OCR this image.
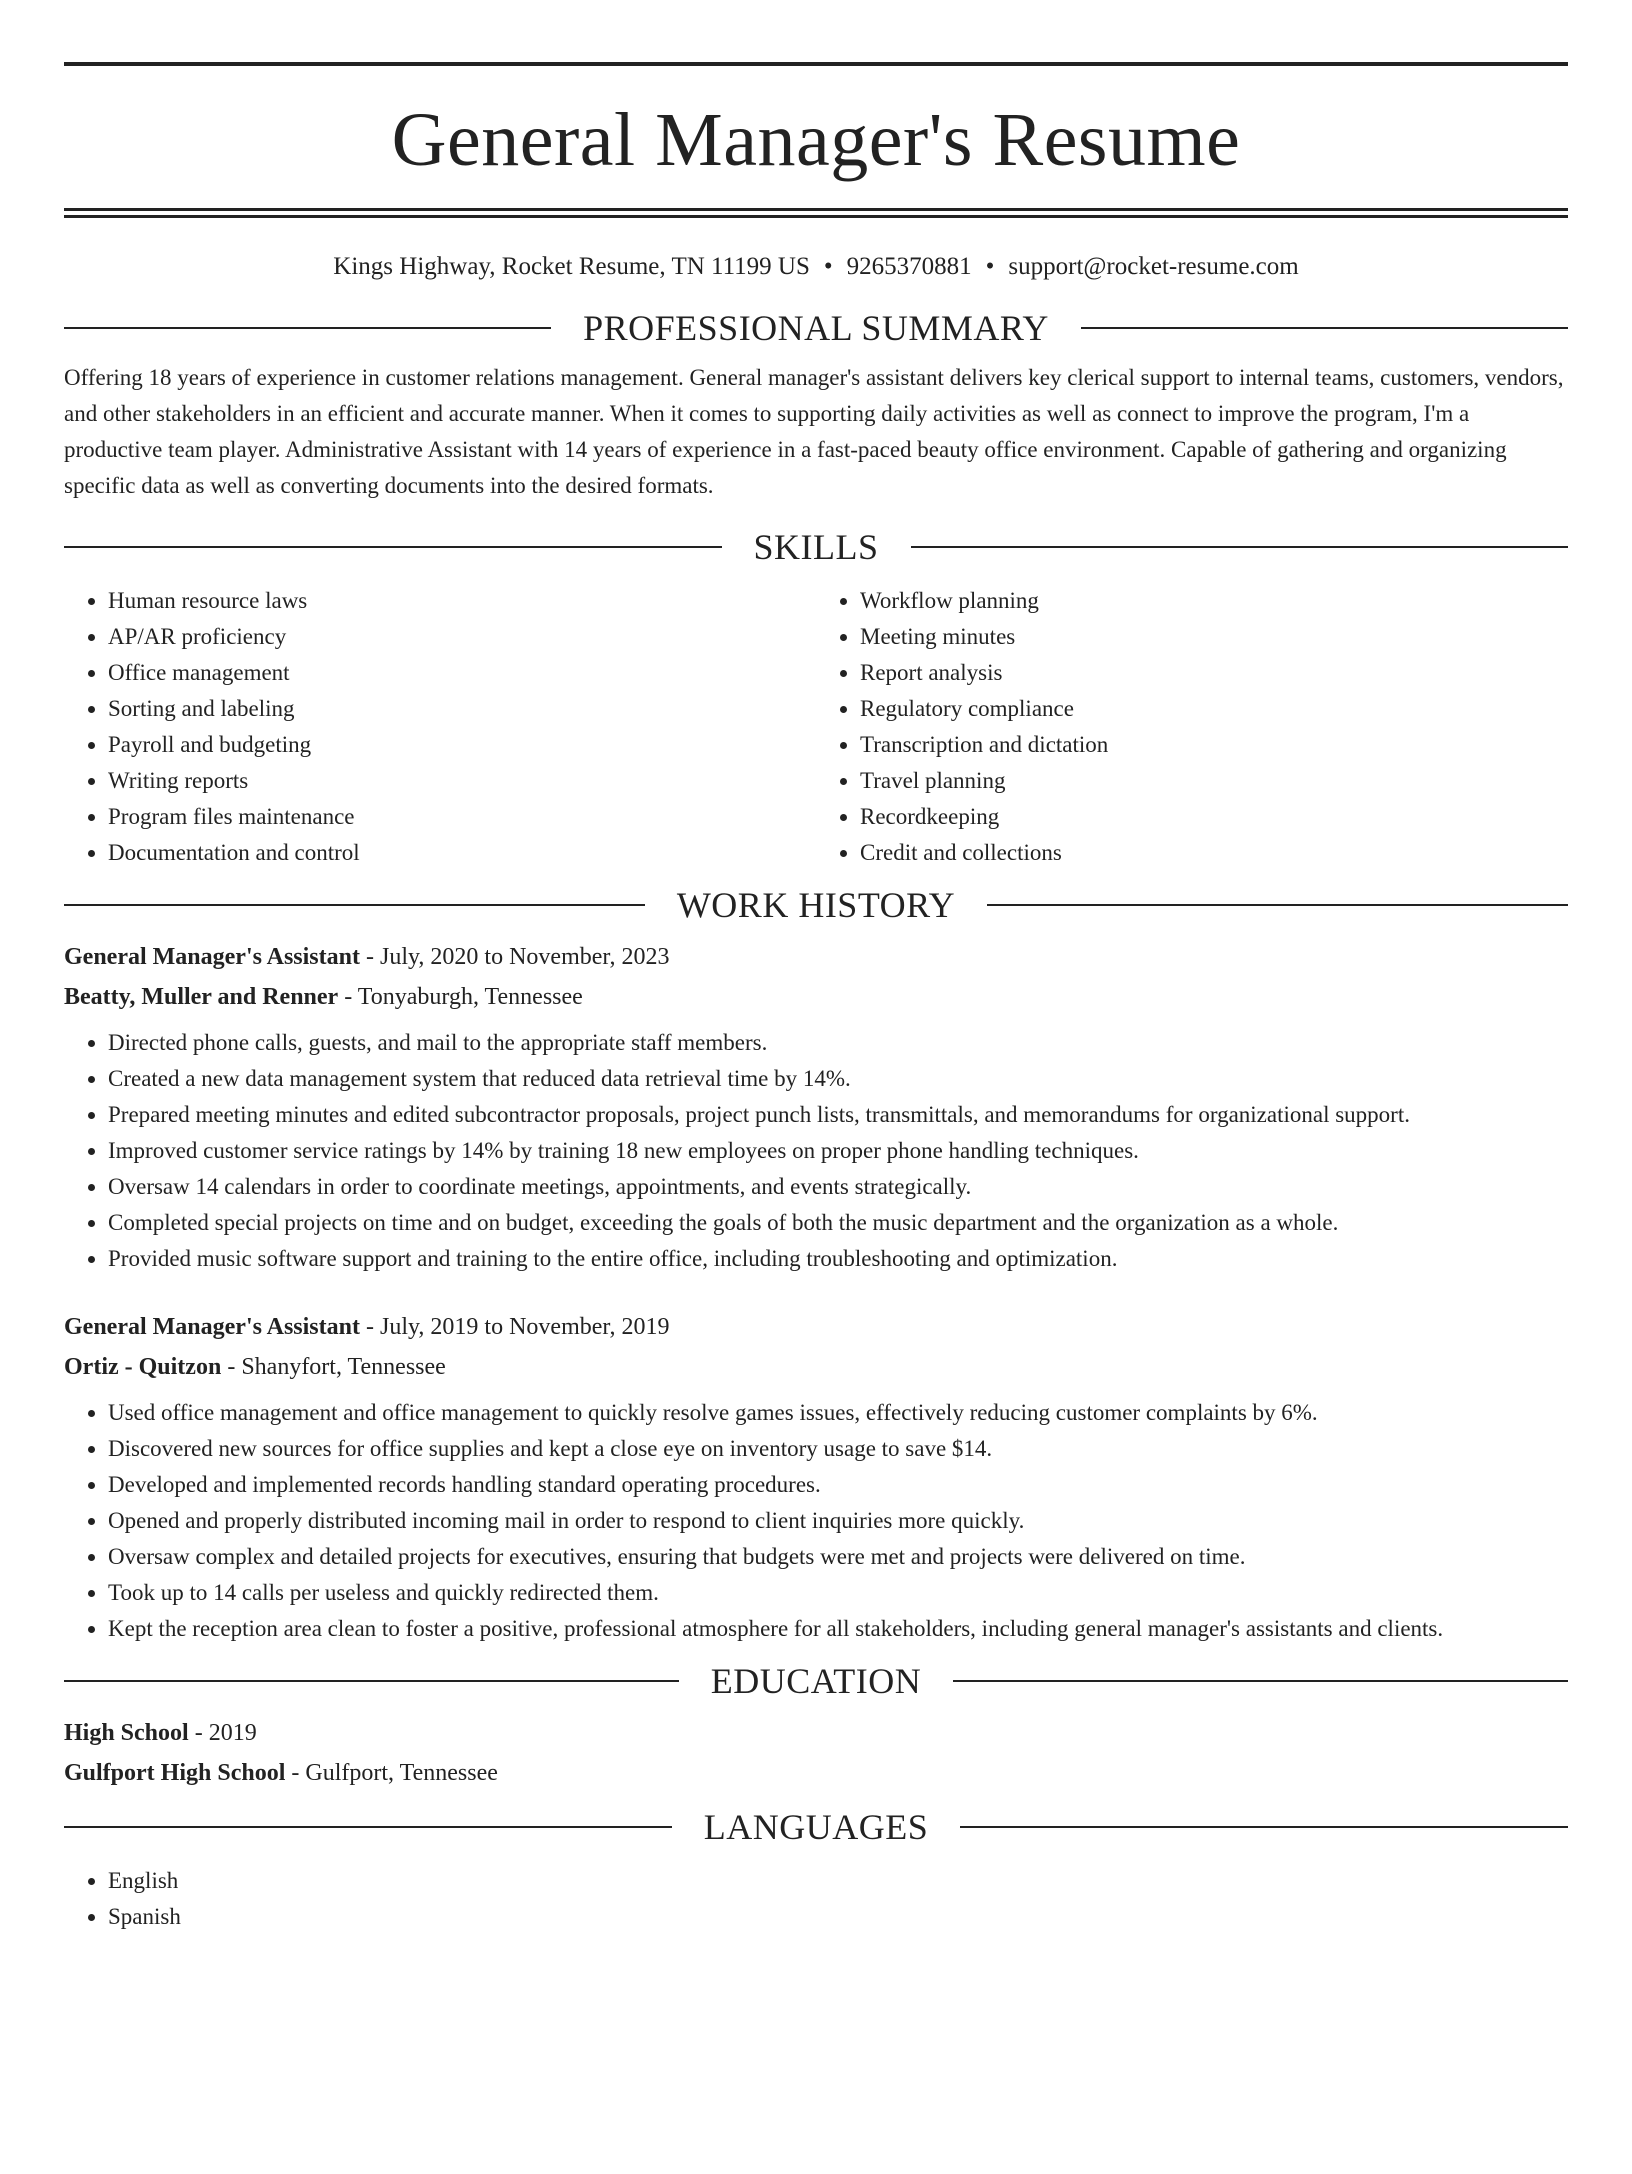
General Manager's Resume
Kings Highway, Rocket Resume, TN 11199 US • 9265370881 • support@rocket-resume.com
PROFESSIONAL SUMMARY

Offering 18 years of experience in customer relations management. General manager's assistant delivers key clerical support to internal teams, customers, vendors, and other stakeholders in an efficient and accurate manner. When it comes to supporting daily activities as well as connect to improve the program, I'm a productive team player. Administrative Assistant with 14 years of experience in a fast-paced beauty office environment. Capable of gathering and organizing specific data as well as converting documents into the desired formats.

SKILLS
• Human resource laws
• AP/AR proficiency
• Office management
• Sorting and labeling
• Payroll and budgeting
• Writing reports
• Program files maintenance
• Documentation and control
• Workflow planning
• Meeting minutes
• Report analysis
• Regulatory compliance
• Transcription and dictation
• Travel planning
• Recordkeeping
• Credit and collections
WORK HISTORY
General Manager's Assistant - July, 2020 to November, 2023
Beatty, Muller and Renner - Tonyaburgh, Tennessee
• Directed phone calls, guests, and mail to the appropriate staff members.
• Created a new data management system that reduced data retrieval time by 14%.
• Prepared meeting minutes and edited subcontractor proposals, project punch lists, transmittals, and memorandums for organizational support.
• Improved customer service ratings by 14% by training 18 new employees on proper phone handling techniques.
• Oversaw 14 calendars in order to coordinate meetings, appointments, and events strategically.
• Completed special projects on time and on budget, exceeding the goals of both the music department and the organization as a whole.
• Provided music software support and training to the entire office, including troubleshooting and optimization.
General Manager's Assistant - July, 2019 to November, 2019
Ortiz - Quitzon - Shanyfort, Tennessee
• Used office management and office management to quickly resolve games issues, effectively reducing customer complaints by 6%.
• Discovered new sources for office supplies and kept a close eye on inventory usage to save $14.
• Developed and implemented records handling standard operating procedures.
• Opened and properly distributed incoming mail in order to respond to client inquiries more quickly.
• Oversaw complex and detailed projects for executives, ensuring that budgets were met and projects were delivered on time.
• Took up to 14 calls per useless and quickly redirected them.
• Kept the reception area clean to foster a positive, professional atmosphere for all stakeholders, including general manager's assistants and clients.
EDUCATION
High School - 2019
Gulfport High School - Gulfport, Tennessee
LANGUAGES
• English
• Spanish
